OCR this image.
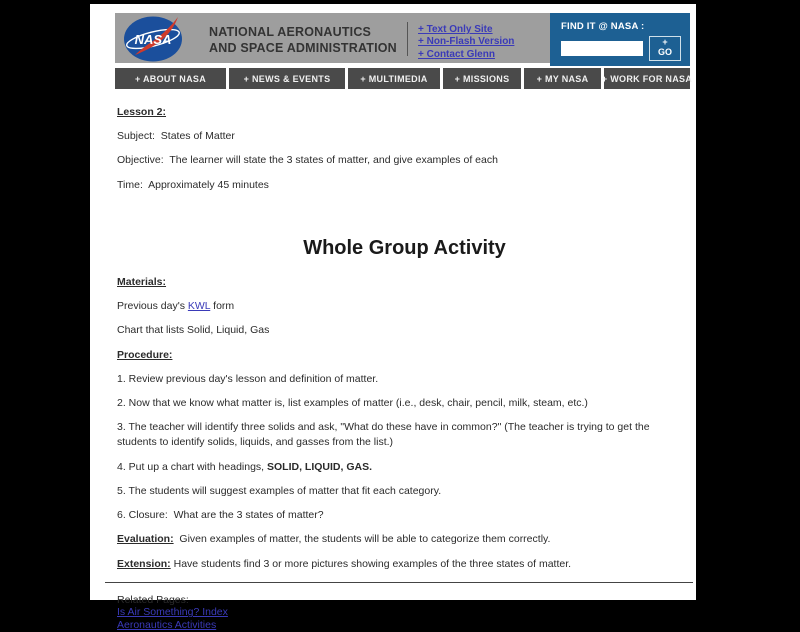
NASA	NATIONAL AERONAUTICS
AND SPACE ADMINISTRATION
+ Text Only Site
+ Non-Flash Version
+ Contact Glenn
FIND IT @ NASA :
+ GO
+ ABOUT NASA	+ NEWS & EVENTS	+ MULTIMEDIA	+ MISSIONS	+ MY NASA	+ WORK FOR NASA

Lesson 2:

Subject:  States of Matter

Objective:  The learner will state the 3 states of matter, and give examples of each

Time:  Approximately 45 minutes

Whole Group Activity

Materials:

Previous day's KWL form

Chart that lists Solid, Liquid, Gas

Procedure:

1. Review previous day's lesson and definition of matter.

2. Now that we know what matter is, list examples of matter (i.e., desk, chair, pencil, milk, steam, etc.)

3. The teacher will identify three solids and ask, "What do these have in common?" (The teacher is trying to get the students to identify solids, liquids, and gasses from the list.)

4. Put up a chart with headings, SOLID, LIQUID, GAS.

5. The students will suggest examples of matter that fit each category.

6. Closure:  What are the 3 states of matter?

Evaluation:  Given examples of matter, the students will be able to categorize them correctly.

Extension: Have students find 3 or more pictures showing examples of the three states of matter.

Related Pages:
Is Air Something? Index
Aeronautics Activities
